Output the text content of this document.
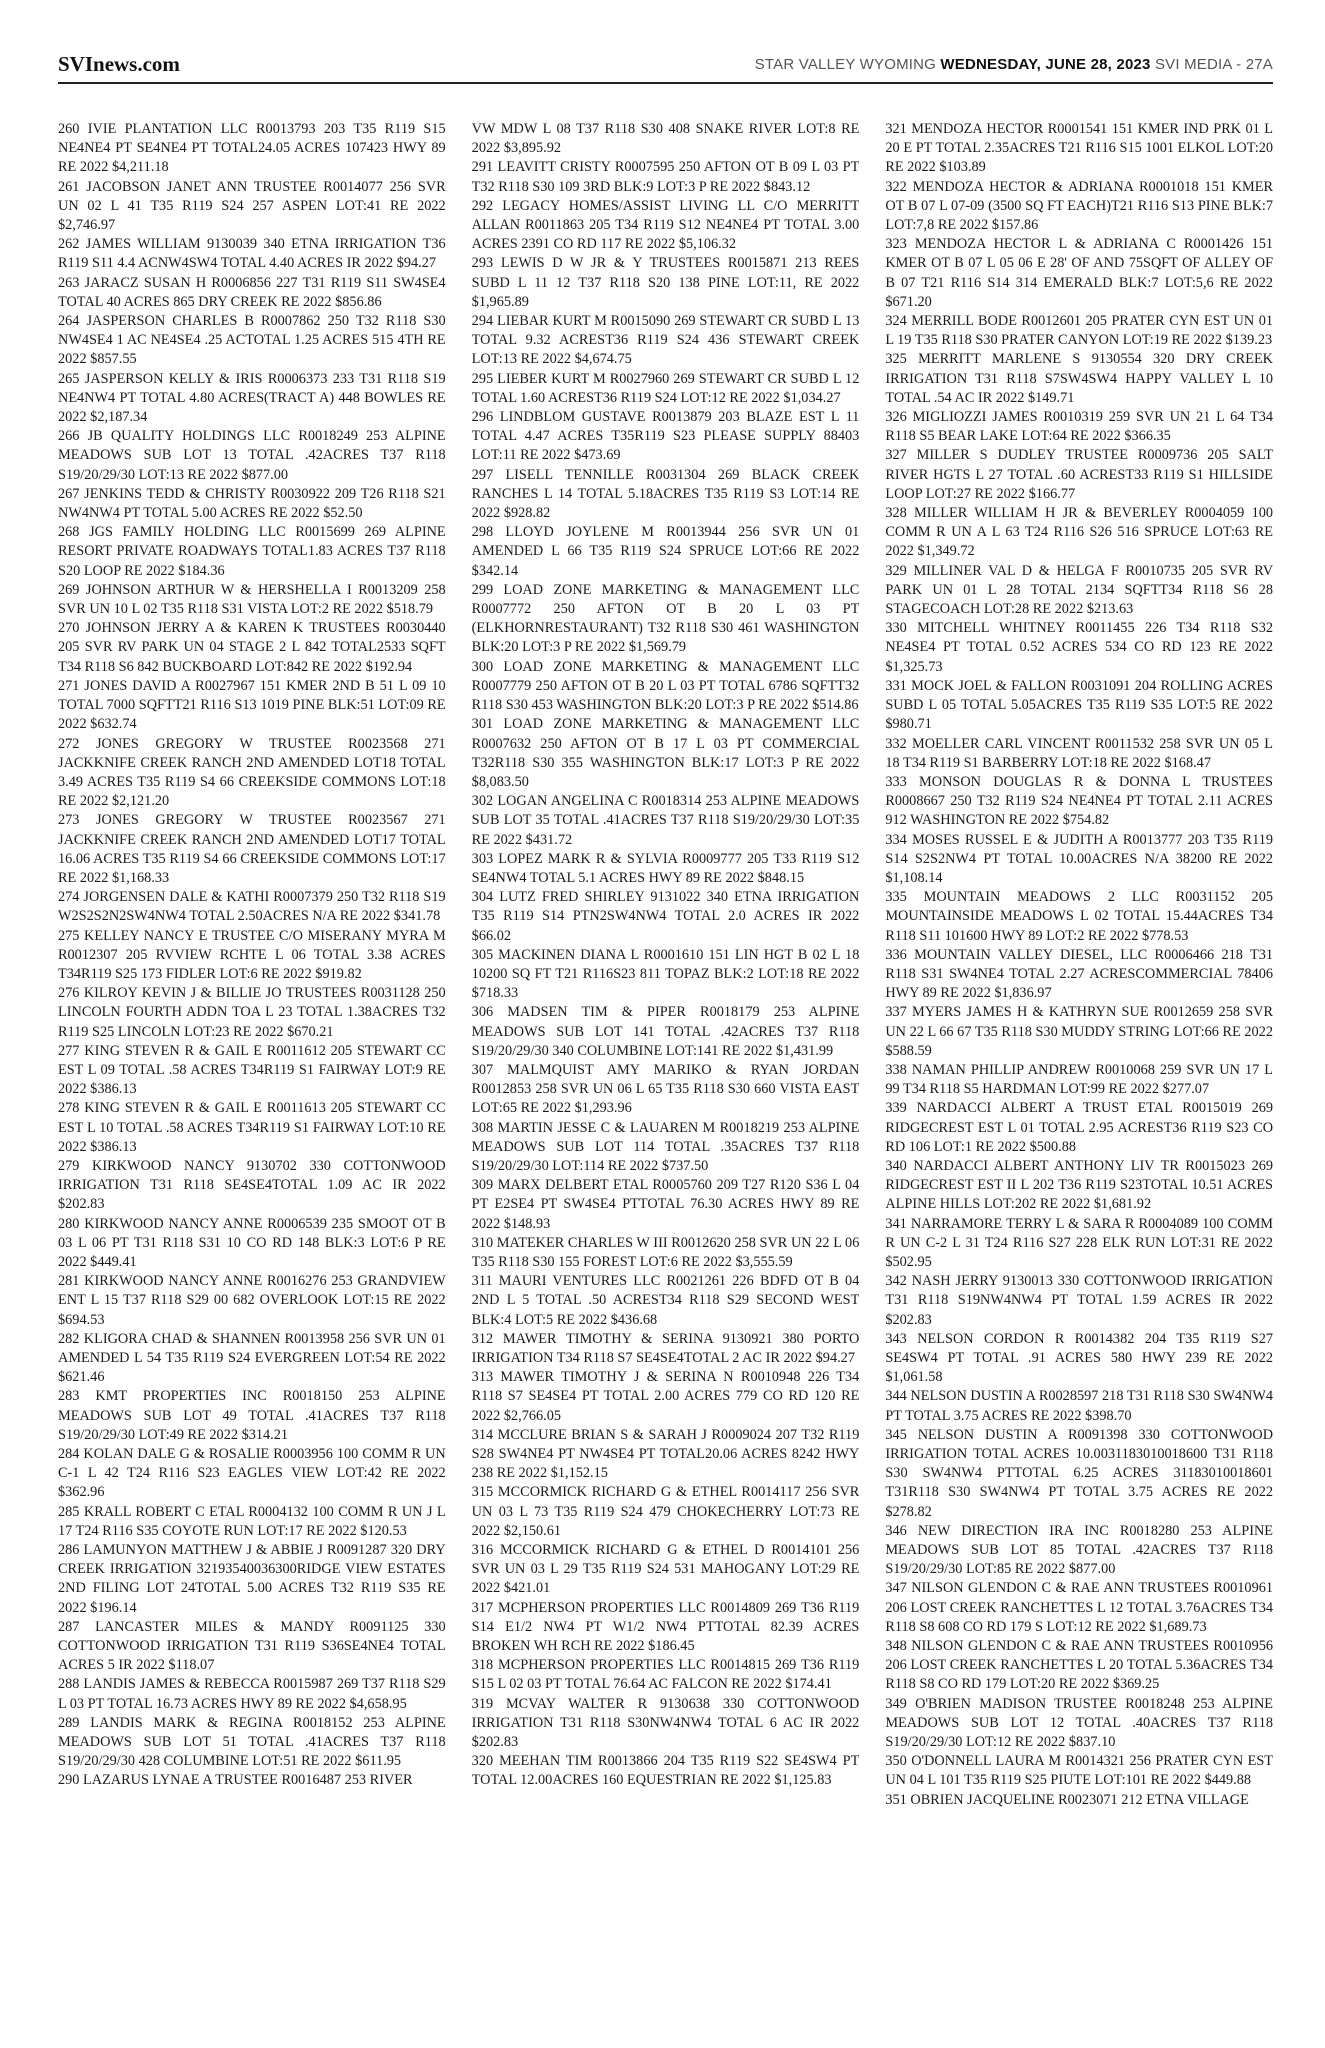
SVInews.com	STAR VALLEY WYOMING WEDNESDAY, JUNE 28, 2023 SVI MEDIA - 27A

260 IVIE PLANTATION LLC R0013793 203 T35 R119 S15 NE4NE4 PT SE4NE4 PT TOTAL24.05 ACRES 107423 HWY 89 RE 2022 $4,211.18

261 JACOBSON JANET ANN TRUSTEE R0014077 256 SVR UN 02 L 41 T35 R119 S24 257 ASPEN LOT:41 RE 2022 $2,746.97

262 JAMES WILLIAM 9130039 340 ETNA IRRIGATION T36 R119 S11 4.4 ACNW4SW4 TOTAL 4.40 ACRES IR 2022 $94.27

263 JARACZ SUSAN H R0006856 227 T31 R119 S11 SW4SE4 TOTAL 40 ACRES 865 DRY CREEK RE 2022 $856.86

264 JASPERSON CHARLES B R0007862 250 T32 R118 S30 NW4SE4 1 AC NE4SE4 .25 ACTOTAL 1.25 ACRES 515 4TH RE 2022 $857.55

265 JASPERSON KELLY & IRIS R0006373 233 T31 R118 S19 NE4NW4 PT TOTAL 4.80 ACRES(TRACT A) 448 BOWLES RE 2022 $2,187.34

266 JB QUALITY HOLDINGS LLC R0018249 253 ALPINE MEADOWS SUB LOT 13 TOTAL .42ACRES T37 R118 S19/20/29/30 LOT:13 RE 2022 $877.00

267 JENKINS TEDD & CHRISTY R0030922 209 T26 R118 S21 NW4NW4 PT TOTAL 5.00 ACRES RE 2022 $52.50

268 JGS FAMILY HOLDING LLC R0015699 269 ALPINE RESORT PRIVATE ROADWAYS TOTAL1.83 ACRES T37 R118 S20 LOOP RE 2022 $184.36

269 JOHNSON ARTHUR W & HERSHELLA I R0013209 258 SVR UN 10 L 02 T35 R118 S31 VISTA LOT:2 RE 2022 $518.79

270 JOHNSON JERRY A & KAREN K TRUSTEES R0030440 205 SVR RV PARK UN 04 STAGE 2 L 842 TOTAL2533 SQFT T34 R118 S6 842 BUCKBOARD LOT:842 RE 2022 $192.94

271 JONES DAVID A R0027967 151 KMER 2ND B 51 L 09 10 TOTAL 7000 SQFTT21 R116 S13 1019 PINE BLK:51 LOT:09 RE 2022 $632.74

272 JONES GREGORY W TRUSTEE R0023568 271 JACKKNIFE CREEK RANCH 2ND AMENDED LOT18 TOTAL 3.49 ACRES T35 R119 S4 66 CREEKSIDE COMMONS LOT:18 RE 2022 $2,121.20

273 JONES GREGORY W TRUSTEE R0023567 271 JACKKNIFE CREEK RANCH 2ND AMENDED LOT17 TOTAL 16.06 ACRES T35 R119 S4 66 CREEKSIDE COMMONS LOT:17 RE 2022 $1,168.33

274 JORGENSEN DALE & KATHI R0007379 250 T32 R118 S19 W2S2S2N2SW4NW4 TOTAL 2.50ACRES N/A RE 2022 $341.78

275 KELLEY NANCY E TRUSTEE C/O MISERANY MYRA M R0012307 205 RVVIEW RCHTE L 06 TOTAL 3.38 ACRES T34R119 S25 173 FIDLER LOT:6 RE 2022 $919.82

276 KILROY KEVIN J & BILLIE JO TRUSTEES R0031128 250 LINCOLN FOURTH ADDN TOA L 23 TOTAL 1.38ACRES T32 R119 S25 LINCOLN LOT:23 RE 2022 $670.21

277 KING STEVEN R & GAIL E R0011612 205 STEWART CC EST L 09 TOTAL .58 ACRES T34R119 S1 FAIRWAY LOT:9 RE 2022 $386.13

278 KING STEVEN R & GAIL E R0011613 205 STEWART CC EST L 10 TOTAL .58 ACRES T34R119 S1 FAIRWAY LOT:10 RE 2022 $386.13

279 KIRKWOOD NANCY 9130702 330 COTTONWOOD IRRIGATION T31 R118 SE4SE4TOTAL 1.09 AC IR 2022 $202.83

280 KIRKWOOD NANCY ANNE R0006539 235 SMOOT OT B 03 L 06 PT T31 R118 S31 10 CO RD 148 BLK:3 LOT:6 P RE 2022 $449.41

281 KIRKWOOD NANCY ANNE R0016276 253 GRANDVIEW ENT L 15 T37 R118 S29 00 682 OVERLOOK LOT:15 RE 2022 $694.53

282 KLIGORA CHAD & SHANNEN R0013958 256 SVR UN 01 AMENDED L 54 T35 R119 S24 EVERGREEN LOT:54 RE 2022 $621.46

283 KMT PROPERTIES INC R0018150 253 ALPINE MEADOWS SUB LOT 49 TOTAL .41ACRES T37 R118 S19/20/29/30 LOT:49 RE 2022 $314.21

284 KOLAN DALE G & ROSALIE R0003956 100 COMM R UN C-1 L 42 T24 R116 S23 EAGLES VIEW LOT:42 RE 2022 $362.96

285 KRALL ROBERT C ETAL R0004132 100 COMM R UN J L 17 T24 R116 S35 COYOTE RUN LOT:17 RE 2022 $120.53

286 LAMUNYON MATTHEW J & ABBIE J R0091287 320 DRY CREEK IRRIGATION 32193540036300RIDGE VIEW ESTATES 2ND FILING LOT 24TOTAL 5.00 ACRES T32 R119 S35 RE 2022 $196.14

287 LANCASTER MILES & MANDY R0091125 330 COTTONWOOD IRRIGATION T31 R119 S36SE4NE4 TOTAL ACRES 5 IR 2022 $118.07

288 LANDIS JAMES & REBECCA R0015987 269 T37 R118 S29 L 03 PT TOTAL 16.73 ACRES HWY 89 RE 2022 $4,658.95

289 LANDIS MARK & REGINA R0018152 253 ALPINE MEADOWS SUB LOT 51 TOTAL .41ACRES T37 R118 S19/20/29/30 428 COLUMBINE LOT:51 RE 2022 $611.95

290 LAZARUS LYNAE A TRUSTEE R0016487 253 RIVER

VW MDW L 08 T37 R118 S30 408 SNAKE RIVER LOT:8 RE 2022 $3,895.92

291 LEAVITT CRISTY R0007595 250 AFTON OT B 09 L 03 PT T32 R118 S30 109 3RD BLK:9 LOT:3 P RE 2022 $843.12

292 LEGACY HOMES/ASSIST LIVING LL C/O MERRITT ALLAN R0011863 205 T34 R119 S12 NE4NE4 PT TOTAL 3.00 ACRES 2391 CO RD 117 RE 2022 $5,106.32

293 LEWIS D W JR & Y TRUSTEES R0015871 213 REES SUBD L 11 12 T37 R118 S20 138 PINE LOT:11, RE 2022 $1,965.89

294 LIEBAR KURT M R0015090 269 STEWART CR SUBD L 13 TOTAL 9.32 ACREST36 R119 S24 436 STEWART CREEK LOT:13 RE 2022 $4,674.75

295 LIEBER KURT M R0027960 269 STEWART CR SUBD L 12 TOTAL 1.60 ACREST36 R119 S24 LOT:12 RE 2022 $1,034.27

296 LINDBLOM GUSTAVE R0013879 203 BLAZE EST L 11 TOTAL 4.47 ACRES T35R119 S23 PLEASE SUPPLY 88403 LOT:11 RE 2022 $473.69

297 LISELL TENNILLE R0031304 269 BLACK CREEK RANCHES L 14 TOTAL 5.18ACRES T35 R119 S3 LOT:14 RE 2022 $928.82

298 LLOYD JOYLENE M R0013944 256 SVR UN 01 AMENDED L 66 T35 R119 S24 SPRUCE LOT:66 RE 2022 $342.14

299 LOAD ZONE MARKETING & MANAGEMENT LLC R0007772 250 AFTON OT B 20 L 03 PT (ELKHORNRESTAURANT) T32 R118 S30 461 WASHINGTON BLK:20 LOT:3 P RE 2022 $1,569.79

300 LOAD ZONE MARKETING & MANAGEMENT LLC R0007779 250 AFTON OT B 20 L 03 PT TOTAL 6786 SQFTT32 R118 S30 453 WASHINGTON BLK:20 LOT:3 P RE 2022 $514.86

301 LOAD ZONE MARKETING & MANAGEMENT LLC R0007632 250 AFTON OT B 17 L 03 PT COMMERCIAL T32R118 S30 355 WASHINGTON BLK:17 LOT:3 P RE 2022 $8,083.50

302 LOGAN ANGELINA C R0018314 253 ALPINE MEADOWS SUB LOT 35 TOTAL .41ACRES T37 R118 S19/20/29/30 LOT:35 RE 2022 $431.72

303 LOPEZ MARK R & SYLVIA R0009777 205 T33 R119 S12 SE4NW4 TOTAL 5.1 ACRES HWY 89 RE 2022 $848.15

304 LUTZ FRED SHIRLEY 9131022 340 ETNA IRRIGATION T35 R119 S14 PTN2SW4NW4 TOTAL 2.0 ACRES IR 2022 $66.02

305 MACKINEN DIANA L R0001610 151 LIN HGT B 02 L 18 10200 SQ FT T21 R116S23 811 TOPAZ BLK:2 LOT:18 RE 2022 $718.33

306 MADSEN TIM & PIPER R0018179 253 ALPINE MEADOWS SUB LOT 141 TOTAL .42ACRES T37 R118 S19/20/29/30 340 COLUMBINE LOT:141 RE 2022 $1,431.99

307 MALMQUIST AMY MARIKO & RYAN JORDAN R0012853 258 SVR UN 06 L 65 T35 R118 S30 660 VISTA EAST LOT:65 RE 2022 $1,293.96

308 MARTIN JESSE C & LAUAREN M R0018219 253 ALPINE MEADOWS SUB LOT 114 TOTAL .35ACRES T37 R118 S19/20/29/30 LOT:114 RE 2022 $737.50

309 MARX DELBERT ETAL R0005760 209 T27 R120 S36 L 04 PT E2SE4 PT SW4SE4 PTTOTAL 76.30 ACRES HWY 89 RE 2022 $148.93

310 MATEKER CHARLES W III R0012620 258 SVR UN 22 L 06 T35 R118 S30 155 FOREST LOT:6 RE 2022 $3,555.59

311 MAURI VENTURES LLC R0021261 226 BDFD OT B 04 2ND L 5 TOTAL .50 ACREST34 R118 S29 SECOND WEST BLK:4 LOT:5 RE 2022 $436.68

312 MAWER TIMOTHY & SERINA 9130921 380 PORTO IRRIGATION T34 R118 S7 SE4SE4TOTAL 2 AC IR 2022 $94.27

313 MAWER TIMOTHY J & SERINA N R0010948 226 T34 R118 S7 SE4SE4 PT TOTAL 2.00 ACRES 779 CO RD 120 RE 2022 $2,766.05

314 MCCLURE BRIAN S & SARAH J R0009024 207 T32 R119 S28 SW4NE4 PT NW4SE4 PT TOTAL20.06 ACRES 8242 HWY 238 RE 2022 $1,152.15

315 MCCORMICK RICHARD G & ETHEL R0014117 256 SVR UN 03 L 73 T35 R119 S24 479 CHOKECHERRY LOT:73 RE 2022 $2,150.61

316 MCCORMICK RICHARD G & ETHEL D R0014101 256 SVR UN 03 L 29 T35 R119 S24 531 MAHOGANY LOT:29 RE 2022 $421.01

317 MCPHERSON PROPERTIES LLC R0014809 269 T36 R119 S14 E1/2 NW4 PT W1/2 NW4 PTTOTAL 82.39 ACRES BROKEN WH RCH RE 2022 $186.45

318 MCPHERSON PROPERTIES LLC R0014815 269 T36 R119 S15 L 02 03 PT TOTAL 76.64 AC FALCON RE 2022 $174.41

319 MCVAY WALTER R 9130638 330 COTTONWOOD IRRIGATION T31 R118 S30NW4NW4 TOTAL 6 AC IR 2022 $202.83

320 MEEHAN TIM R0013866 204 T35 R119 S22 SE4SW4 PT TOTAL 12.00ACRES 160 EQUESTRIAN RE 2022 $1,125.83

321 MENDOZA HECTOR R0001541 151 KMER IND PRK 01 L 20 E PT TOTAL 2.35ACRES T21 R116 S15 1001 ELKOL LOT:20 RE 2022 $103.89

322 MENDOZA HECTOR & ADRIANA R0001018 151 KMER OT B 07 L 07-09 (3500 SQ FT EACH)T21 R116 S13 PINE BLK:7 LOT:7,8 RE 2022 $157.86

323 MENDOZA HECTOR L & ADRIANA C R0001426 151 KMER OT B 07 L 05 06 E 28' OF AND 75SQFT OF ALLEY OF B 07 T21 R116 S14 314 EMERALD BLK:7 LOT:5,6 RE 2022 $671.20

324 MERRILL BODE R0012601 205 PRATER CYN EST UN 01 L 19 T35 R118 S30 PRATER CANYON LOT:19 RE 2022 $139.23

325 MERRITT MARLENE S 9130554 320 DRY CREEK IRRIGATION T31 R118 S7SW4SW4 HAPPY VALLEY L 10 TOTAL .54 AC IR 2022 $149.71

326 MIGLIOZZI JAMES R0010319 259 SVR UN 21 L 64 T34 R118 S5 BEAR LAKE LOT:64 RE 2022 $366.35

327 MILLER S DUDLEY TRUSTEE R0009736 205 SALT RIVER HGTS L 27 TOTAL .60 ACREST33 R119 S1 HILLSIDE LOOP LOT:27 RE 2022 $166.77

328 MILLER WILLIAM H JR & BEVERLEY R0004059 100 COMM R UN A L 63 T24 R116 S26 516 SPRUCE LOT:63 RE 2022 $1,349.72

329 MILLINER VAL D & HELGA F R0010735 205 SVR RV PARK UN 01 L 28 TOTAL 2134 SQFTT34 R118 S6 28 STAGECOACH LOT:28 RE 2022 $213.63

330 MITCHELL WHITNEY R0011455 226 T34 R118 S32 NE4SE4 PT TOTAL 0.52 ACRES 534 CO RD 123 RE 2022 $1,325.73

331 MOCK JOEL & FALLON R0031091 204 ROLLING ACRES SUBD L 05 TOTAL 5.05ACRES T35 R119 S35 LOT:5 RE 2022 $980.71

332 MOELLER CARL VINCENT R0011532 258 SVR UN 05 L 18 T34 R119 S1 BARBERRY LOT:18 RE 2022 $168.47

333 MONSON DOUGLAS R & DONNA L TRUSTEES R0008667 250 T32 R119 S24 NE4NE4 PT TOTAL 2.11 ACRES 912 WASHINGTON RE 2022 $754.82

334 MOSES RUSSEL E & JUDITH A R0013777 203 T35 R119 S14 S2S2NW4 PT TOTAL 10.00ACRES N/A 38200 RE 2022 $1,108.14

335 MOUNTAIN MEADOWS 2 LLC R0031152 205 MOUNTAINSIDE MEADOWS L 02 TOTAL 15.44ACRES T34 R118 S11 101600 HWY 89 LOT:2 RE 2022 $778.53

336 MOUNTAIN VALLEY DIESEL, LLC R0006466 218 T31 R118 S31 SW4NE4 TOTAL 2.27 ACRESCOMMERCIAL 78406 HWY 89 RE 2022 $1,836.97

337 MYERS JAMES H & KATHRYN SUE R0012659 258 SVR UN 22 L 66 67 T35 R118 S30 MUDDY STRING LOT:66 RE 2022 $588.59

338 NAMAN PHILLIP ANDREW R0010068 259 SVR UN 17 L 99 T34 R118 S5 HARDMAN LOT:99 RE 2022 $277.07

339 NARDACCI ALBERT A TRUST ETAL R0015019 269 RIDGECREST EST L 01 TOTAL 2.95 ACREST36 R119 S23 CO RD 106 LOT:1 RE 2022 $500.88

340 NARDACCI ALBERT ANTHONY LIV TR R0015023 269 RIDGECREST EST II L 202 T36 R119 S23TOTAL 10.51 ACRES ALPINE HILLS LOT:202 RE 2022 $1,681.92

341 NARRAMORE TERRY L & SARA R R0004089 100 COMM R UN C-2 L 31 T24 R116 S27 228 ELK RUN LOT:31 RE 2022 $502.95

342 NASH JERRY 9130013 330 COTTONWOOD IRRIGATION T31 R118 S19NW4NW4 PT TOTAL 1.59 ACRES IR 2022 $202.83

343 NELSON CORDON R R0014382 204 T35 R119 S27 SE4SW4 PT TOTAL .91 ACRES 580 HWY 239 RE 2022 $1,061.58

344 NELSON DUSTIN A R0028597 218 T31 R118 S30 SW4NW4 PT TOTAL 3.75 ACRES RE 2022 $398.70

345 NELSON DUSTIN A R0091398 330 COTTONWOOD IRRIGATION TOTAL ACRES 10.0031183010018600 T31 R118 S30 SW4NW4 PTTOTAL 6.25 ACRES 31183010018601 T31R118 S30 SW4NW4 PT TOTAL 3.75 ACRES RE 2022 $278.82

346 NEW DIRECTION IRA INC R0018280 253 ALPINE MEADOWS SUB LOT 85 TOTAL .42ACRES T37 R118 S19/20/29/30 LOT:85 RE 2022 $877.00

347 NILSON GLENDON C & RAE ANN TRUSTEES R0010961 206 LOST CREEK RANCHETTES L 12 TOTAL 3.76ACRES T34 R118 S8 608 CO RD 179 S LOT:12 RE 2022 $1,689.73

348 NILSON GLENDON C & RAE ANN TRUSTEES R0010956 206 LOST CREEK RANCHETTES L 20 TOTAL 5.36ACRES T34 R118 S8 CO RD 179 LOT:20 RE 2022 $369.25

349 O'BRIEN MADISON TRUSTEE R0018248 253 ALPINE MEADOWS SUB LOT 12 TOTAL .40ACRES T37 R118 S19/20/29/30 LOT:12 RE 2022 $837.10

350 O'DONNELL LAURA M R0014321 256 PRATER CYN EST UN 04 L 101 T35 R119 S25 PIUTE LOT:101 RE 2022 $449.88

351 OBRIEN JACQUELINE R0023071 212 ETNA VILLAGE
